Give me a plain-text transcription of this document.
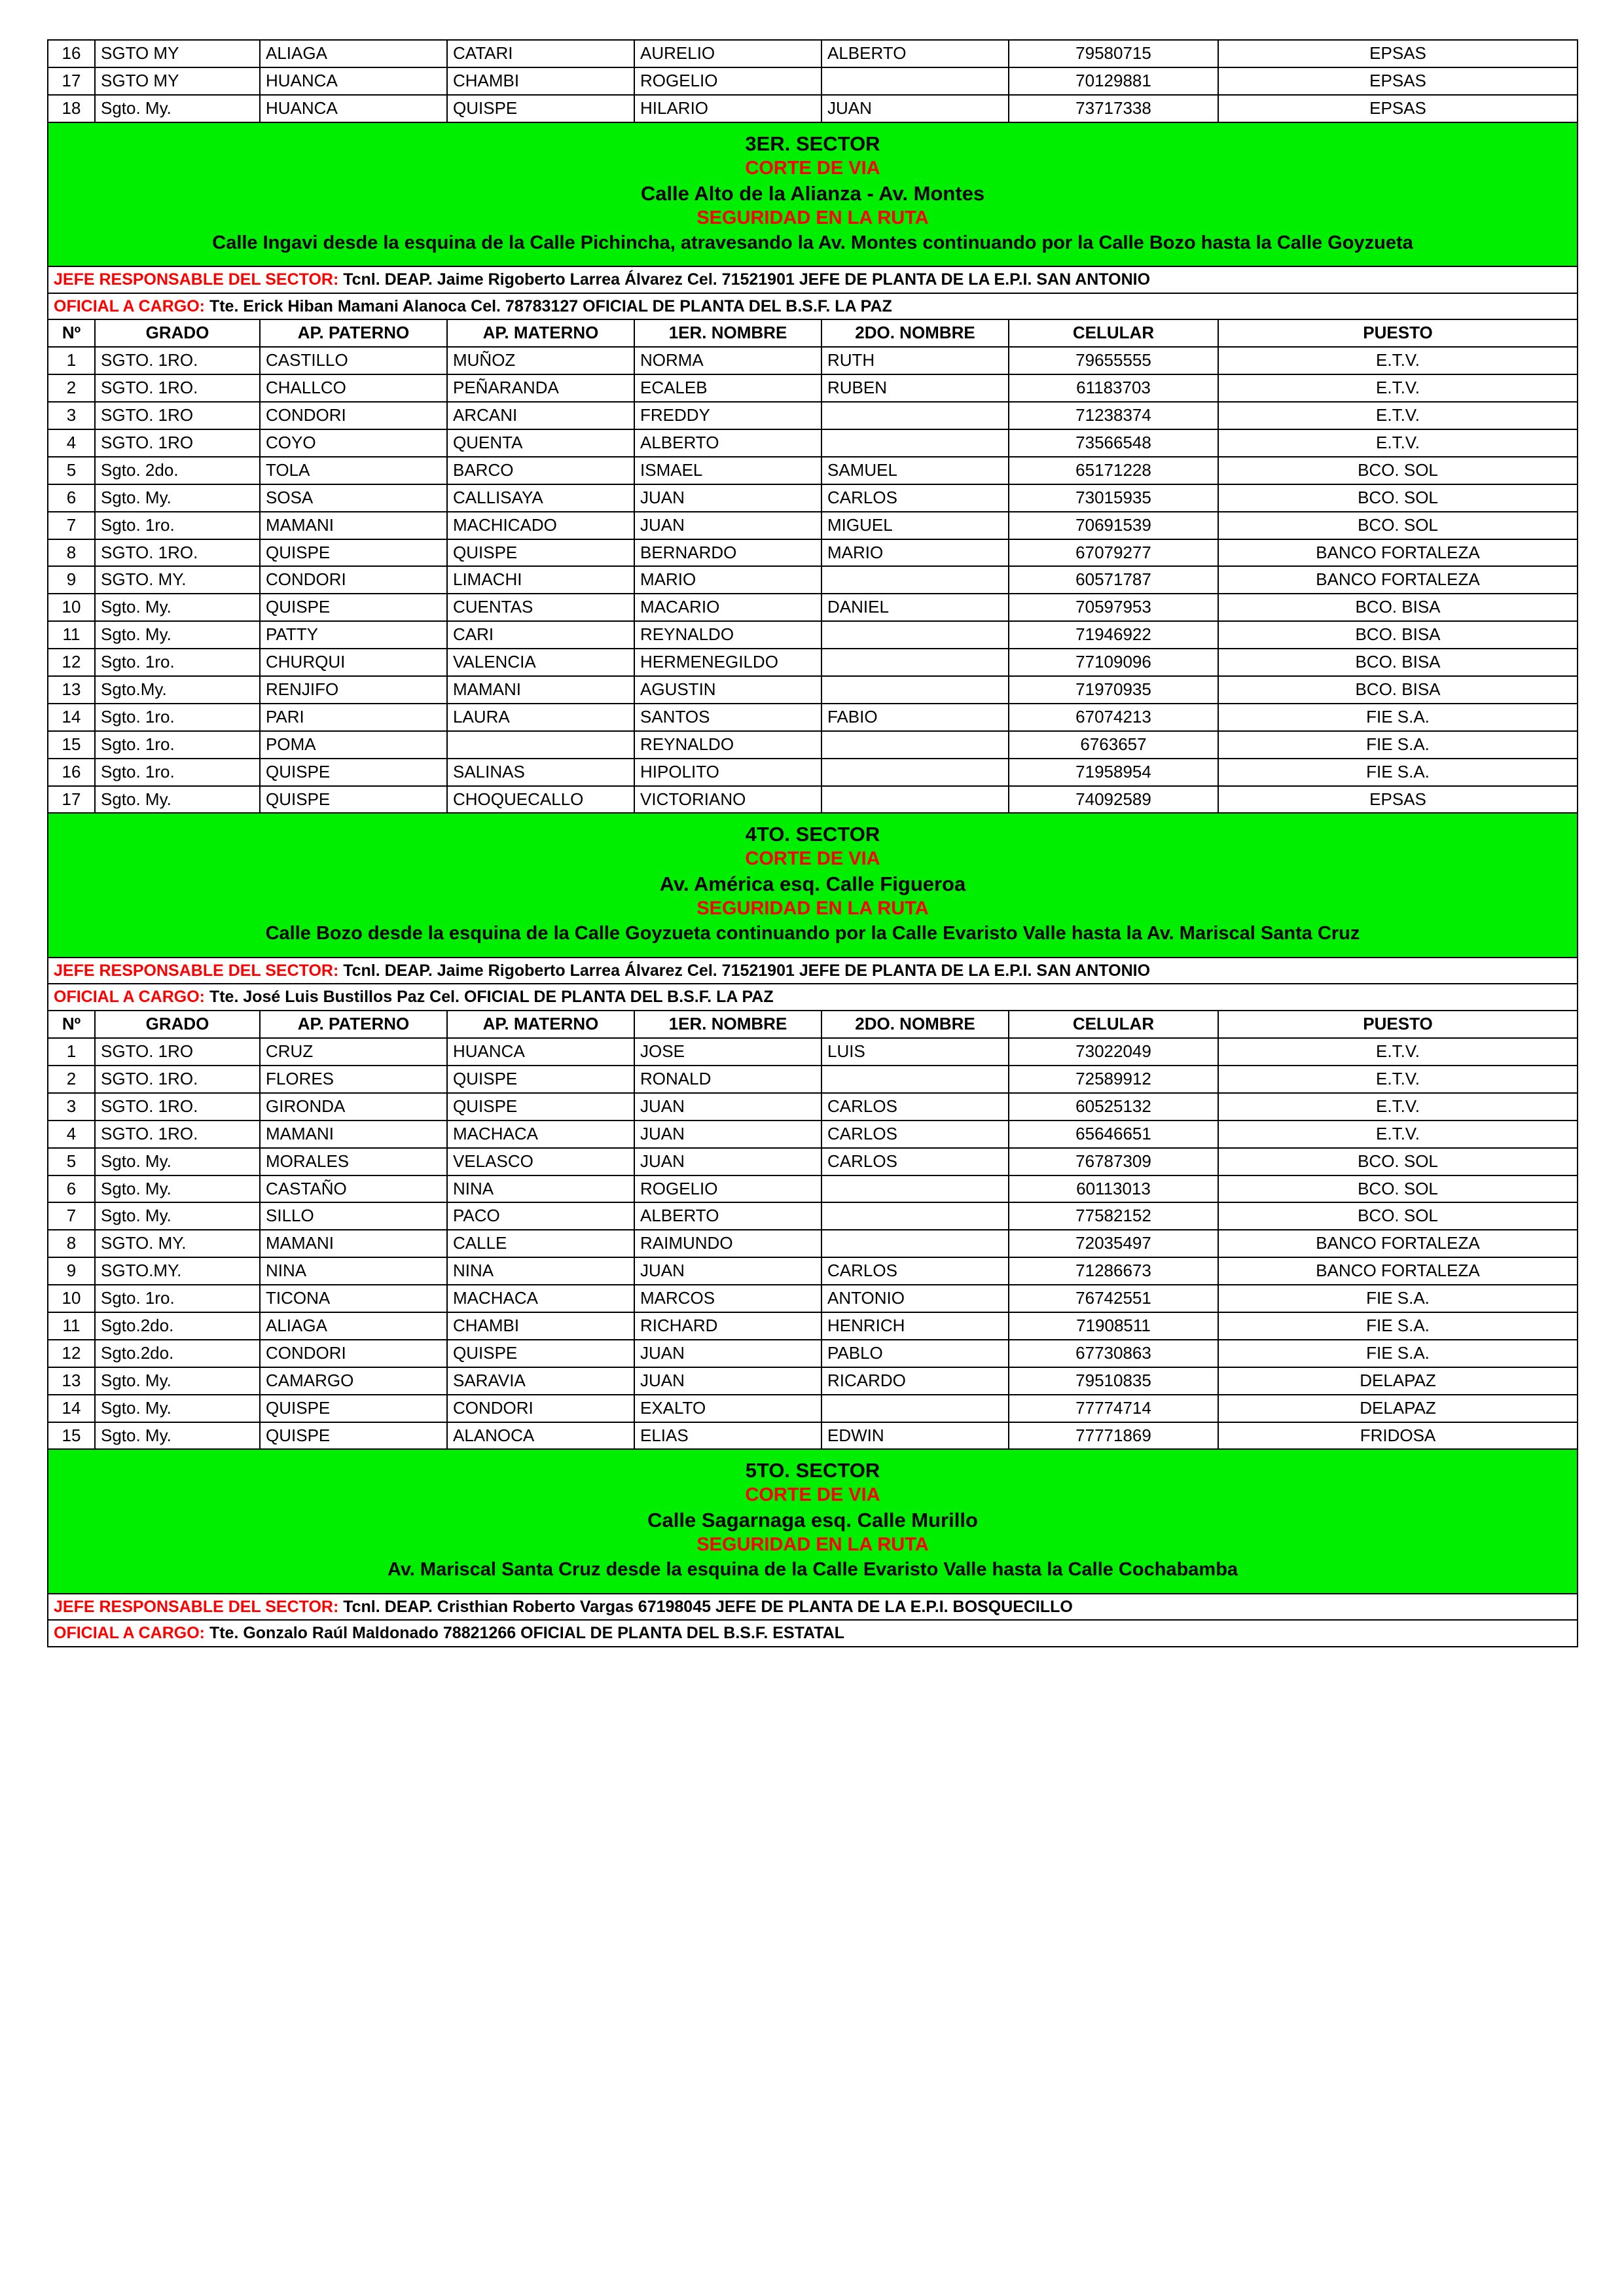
16	SGTO MY	ALIAGA	CATARI	AURELIO	ALBERTO	79580715	EPSAS

17	SGTO MY	HUANCA	CHAMBI	ROGELIO		70129881	EPSAS

18	Sgto. My.	HUANCA	QUISPE	HILARIO	JUAN	73717338	EPSAS

3ER. SECTOR
CORTE DE VIA
Calle Alto de la Alianza - Av. Montes
SEGURIDAD EN LA RUTA
Calle Ingavi desde la esquina de la Calle Pichincha, atravesando la Av. Montes continuando por la Calle Bozo hasta la Calle Goyzueta							

JEFE RESPONSABLE DEL SECTOR: Tcnl. DEAP. Jaime Rigoberto Larrea Álvarez Cel. 71521901 JEFE DE PLANTA DE LA E.P.I. SAN ANTONIO							

OFICIAL A CARGO: Tte. Erick Hiban Mamani Alanoca Cel. 78783127 OFICIAL DE PLANTA DEL B.S.F. LA PAZ							

Nº	GRADO	AP. PATERNO	AP. MATERNO	1ER. NOMBRE	2DO. NOMBRE	CELULAR	PUESTO

1	SGTO. 1RO.	CASTILLO	MUÑOZ	NORMA	RUTH	79655555	E.T.V.

2	SGTO. 1RO.	CHALLCO	PEÑARANDA	ECALEB	RUBEN	61183703	E.T.V.

3	SGTO. 1RO	CONDORI	ARCANI	FREDDY		71238374	E.T.V.

4	SGTO. 1RO	COYO	QUENTA	ALBERTO		73566548	E.T.V.

5	Sgto. 2do.	TOLA	BARCO	ISMAEL	SAMUEL	65171228	BCO. SOL

6	Sgto. My.	SOSA	CALLISAYA	JUAN	CARLOS	73015935	BCO. SOL

7	Sgto. 1ro.	MAMANI	MACHICADO	JUAN	MIGUEL	70691539	BCO. SOL

8	SGTO. 1RO.	QUISPE	QUISPE	BERNARDO	MARIO	67079277	BANCO FORTALEZA

9	SGTO. MY.	CONDORI	LIMACHI	MARIO		60571787	BANCO FORTALEZA

10	Sgto. My.	QUISPE	CUENTAS	MACARIO	DANIEL	70597953	BCO. BISA

11	Sgto. My.	PATTY	CARI	REYNALDO		71946922	BCO. BISA

12	Sgto. 1ro.	CHURQUI	VALENCIA	HERMENEGILDO		77109096	BCO. BISA

13	Sgto.My.	RENJIFO	MAMANI	AGUSTIN		71970935	BCO. BISA

14	Sgto. 1ro.	PARI	LAURA	SANTOS	FABIO	67074213	FIE S.A.

15	Sgto. 1ro.	POMA		REYNALDO		6763657	FIE S.A.

16	Sgto. 1ro.	QUISPE	SALINAS	HIPOLITO		71958954	FIE S.A.

17	Sgto. My.	QUISPE	CHOQUECALLO	VICTORIANO		74092589	EPSAS

4TO. SECTOR
CORTE DE VIA
Av. América esq. Calle Figueroa
SEGURIDAD EN LA RUTA
Calle Bozo desde la esquina de la Calle Goyzueta continuando por la Calle Evaristo Valle hasta la Av. Mariscal Santa Cruz							

JEFE RESPONSABLE DEL SECTOR: Tcnl. DEAP. Jaime Rigoberto Larrea Álvarez Cel. 71521901 JEFE DE PLANTA DE LA E.P.I. SAN ANTONIO							

OFICIAL A CARGO: Tte. José Luis Bustillos Paz Cel. OFICIAL DE PLANTA DEL B.S.F. LA PAZ							

Nº	GRADO	AP. PATERNO	AP. MATERNO	1ER. NOMBRE	2DO. NOMBRE	CELULAR	PUESTO

1	SGTO. 1RO	CRUZ	HUANCA	JOSE	LUIS	73022049	E.T.V.

2	SGTO. 1RO.	FLORES	QUISPE	RONALD		72589912	E.T.V.

3	SGTO. 1RO.	GIRONDA	QUISPE	JUAN	CARLOS	60525132	E.T.V.

4	SGTO. 1RO.	MAMANI	MACHACA	JUAN	CARLOS	65646651	E.T.V.

5	Sgto. My.	MORALES	VELASCO	JUAN	CARLOS	76787309	BCO. SOL

6	Sgto. My.	CASTAÑO	NINA	ROGELIO		60113013	BCO. SOL

7	Sgto. My.	SILLO	PACO	ALBERTO		77582152	BCO. SOL

8	SGTO. MY.	MAMANI	CALLE	RAIMUNDO		72035497	BANCO FORTALEZA

9	SGTO.MY.	NINA	NINA	JUAN	CARLOS	71286673	BANCO FORTALEZA

10	Sgto. 1ro.	TICONA	MACHACA	MARCOS	ANTONIO	76742551	FIE S.A.

11	Sgto.2do.	ALIAGA	CHAMBI	RICHARD	HENRICH	71908511	FIE S.A.

12	Sgto.2do.	CONDORI	QUISPE	JUAN	PABLO	67730863	FIE S.A.

13	Sgto. My.	CAMARGO	SARAVIA	JUAN	RICARDO	79510835	DELAPAZ

14	Sgto. My.	QUISPE	CONDORI	EXALTO		77774714	DELAPAZ

15	Sgto. My.	QUISPE	ALANOCA	ELIAS	EDWIN	77771869	FRIDOSA

5TO. SECTOR
CORTE DE VIA
Calle Sagarnaga esq. Calle Murillo
SEGURIDAD EN LA RUTA
Av. Mariscal Santa Cruz desde la esquina de la Calle Evaristo Valle hasta la Calle Cochabamba							

JEFE RESPONSABLE DEL SECTOR: Tcnl. DEAP. Cristhian Roberto Vargas 67198045 JEFE DE PLANTA DE LA E.P.I. BOSQUECILLO							

OFICIAL A CARGO: Tte. Gonzalo Raúl Maldonado 78821266 OFICIAL DE PLANTA DEL B.S.F. ESTATAL							
